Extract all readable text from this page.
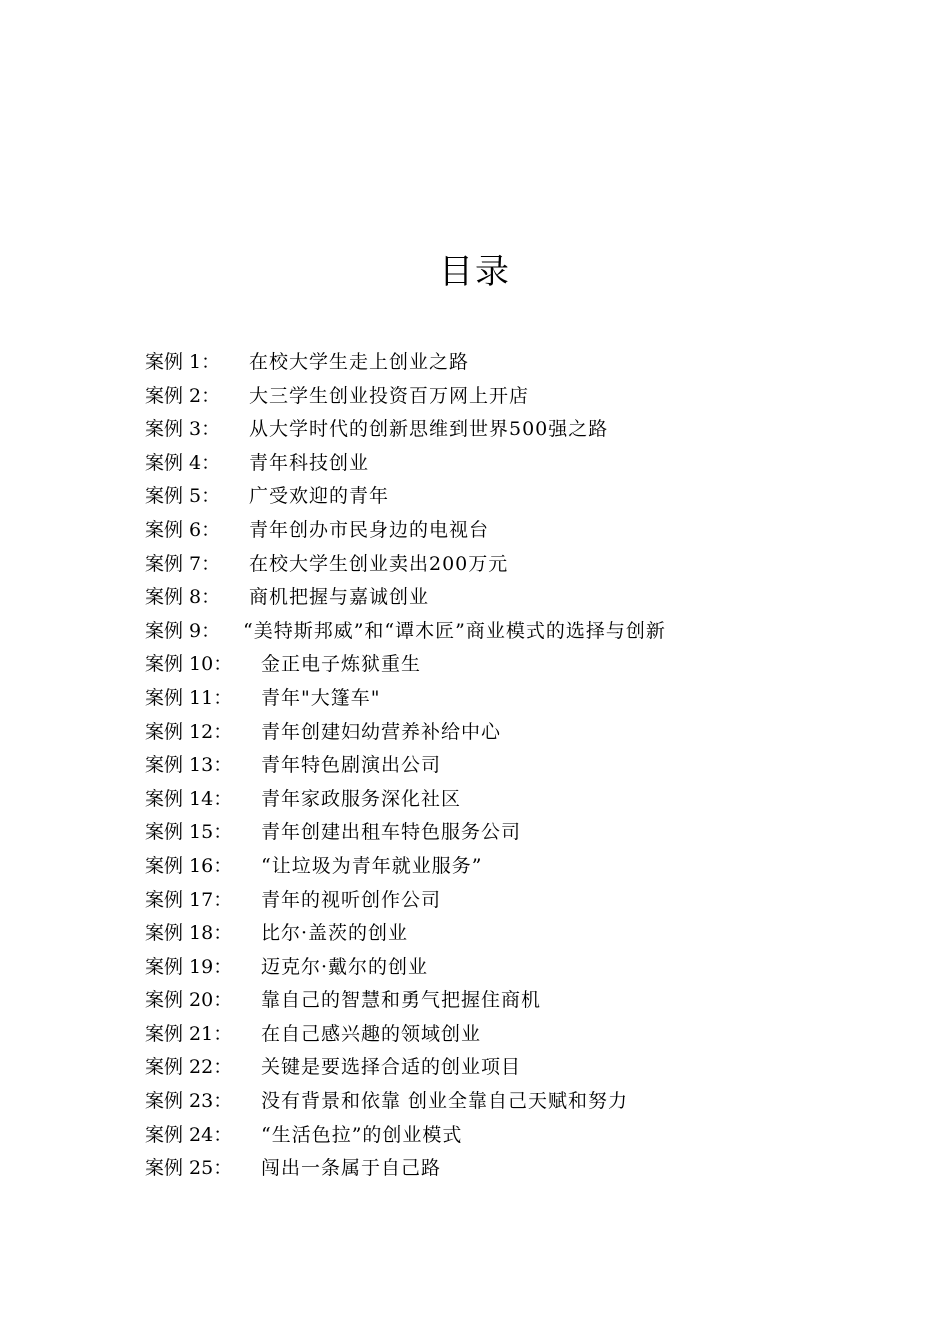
目录
案例 1：	在校大学生走上创业之路
案例 2：	大三学生创业投资百万网上开店
案例 3：	从大学时代的创新思维到世界500强之路
案例 4：	青年科技创业
案例 5：	广受欢迎的青年
案例 6：	青年创办市民身边的电视台
案例 7：	在校大学生创业卖出200万元
案例 8：	商机把握与嘉诚创业
案例 9：	“美特斯邦威”和“谭木匠”商业模式的选择与创新
案例 10：	金正电子炼狱重生
案例 11：	青年"大篷车"
案例 12：	青年创建妇幼营养补给中心
案例 13：	青年特色剧演出公司
案例 14：	青年家政服务深化社区
案例 15：	青年创建出租车特色服务公司
案例 16：	“让垃圾为青年就业服务”
案例 17：	青年的视听创作公司
案例 18：	比尔·盖茨的创业
案例 19：	迈克尔·戴尔的创业
案例 20：	靠自己的智慧和勇气把握住商机
案例 21：	在自己感兴趣的领域创业
案例 22：	关键是要选择合适的创业项目
案例 23：	没有背景和依靠 创业全靠自己天赋和努力
案例 24：	“生活色拉”的创业模式
案例 25：	闯出一条属于自己路
